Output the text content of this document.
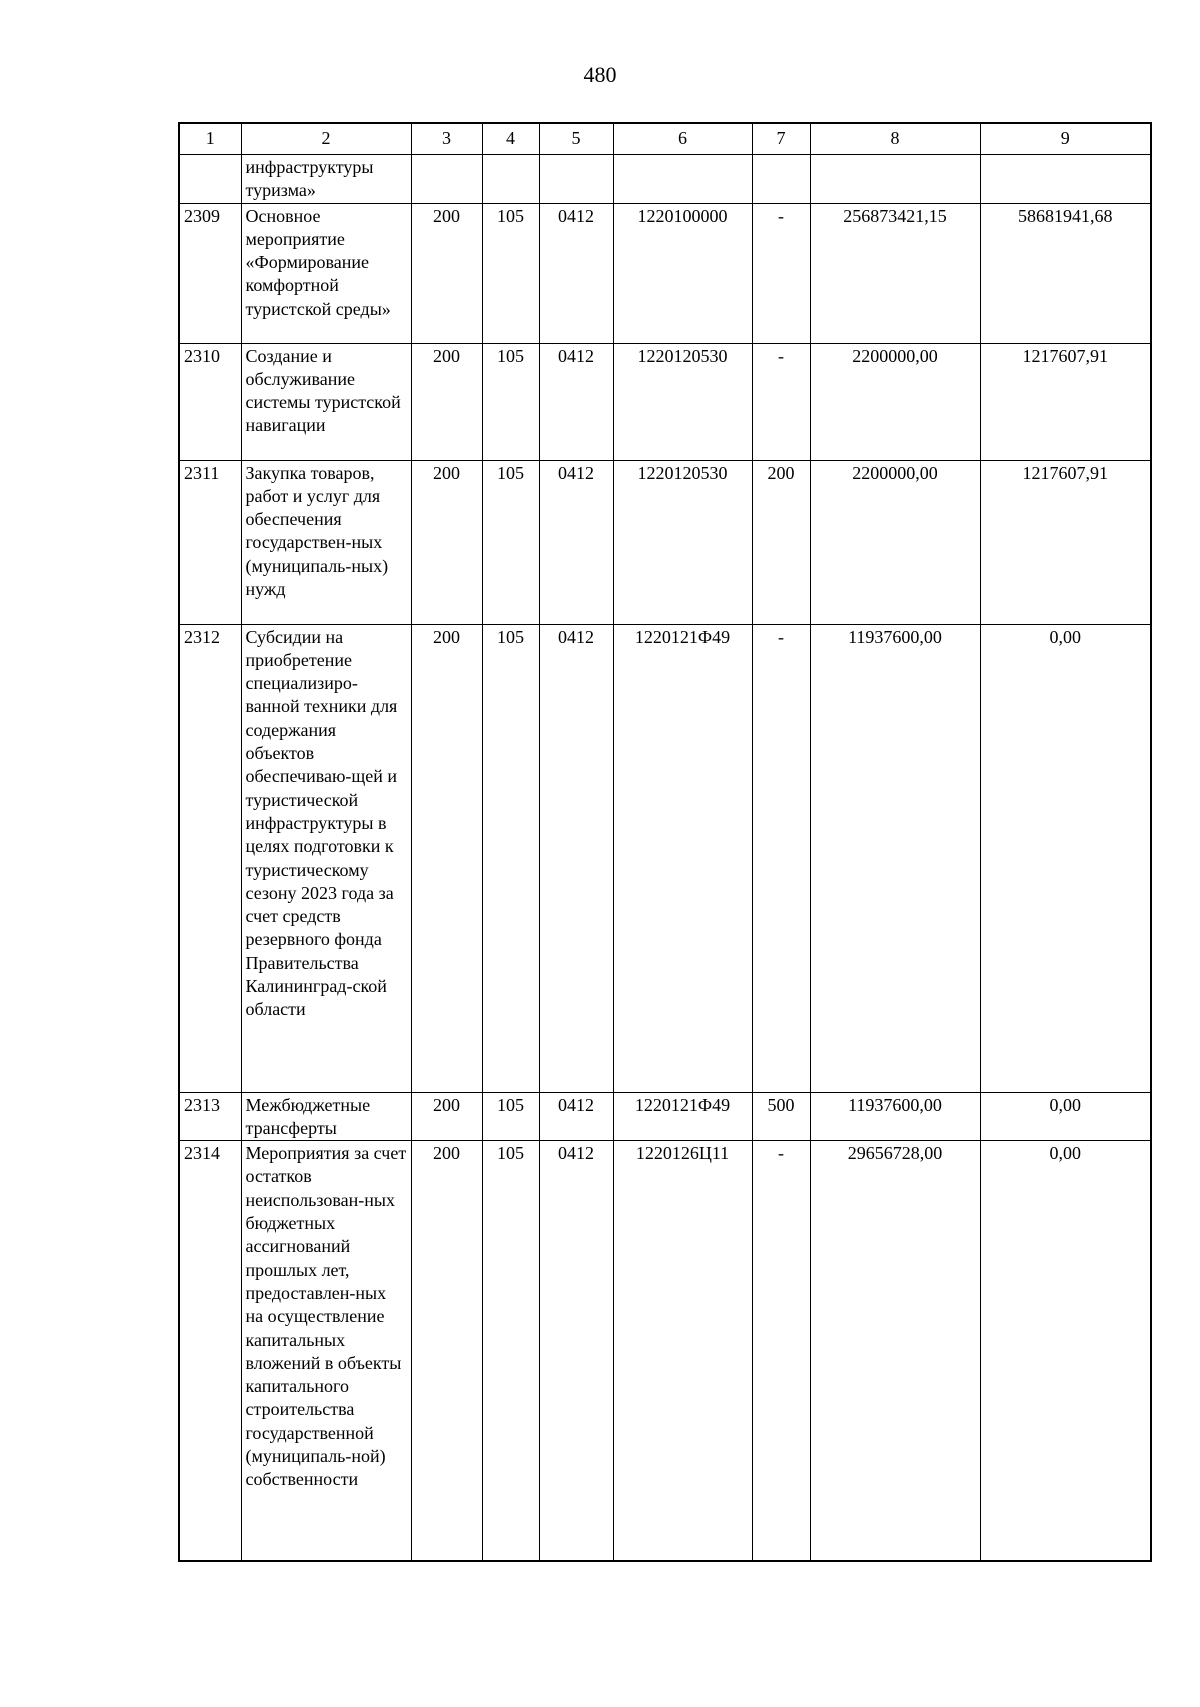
480
1	2	3	4	5	6	7	8	9
	инфраструктуры туризма»							
2309	Основное мероприятие «Формирование комфортной туристской среды»	200	105	0412	1220100000	-	256873421,15	58681941,68
2310	Создание и обслуживание системы туристской навигации	200	105	0412	1220120530	-	2200000,00	1217607,91
2311	Закупка товаров, работ и услуг для обеспечения государствен-ных (муниципаль-ных) нужд	200	105	0412	1220120530	200	2200000,00	1217607,91
2312	Субсидии на приобретение специализиро-ванной техники для содержания объектов обеспечиваю-щей и туристической инфраструктуры в целях подготовки к туристическому сезону 2023 года за счет средств резервного фонда Правительства Калининград-ской области	200	105	0412	1220121Ф49	-	11937600,00	0,00
2313	Межбюджетные трансферты	200	105	0412	1220121Ф49	500	11937600,00	0,00
2314	Мероприятия за счет остатков неиспользован-ных бюджетных ассигнований прошлых лет, предоставлен-ных на осуществление капитальных вложений в объекты капитального строительства государственной (муниципаль-ной) собственности	200	105	0412	1220126Ц11	-	29656728,00	0,00
